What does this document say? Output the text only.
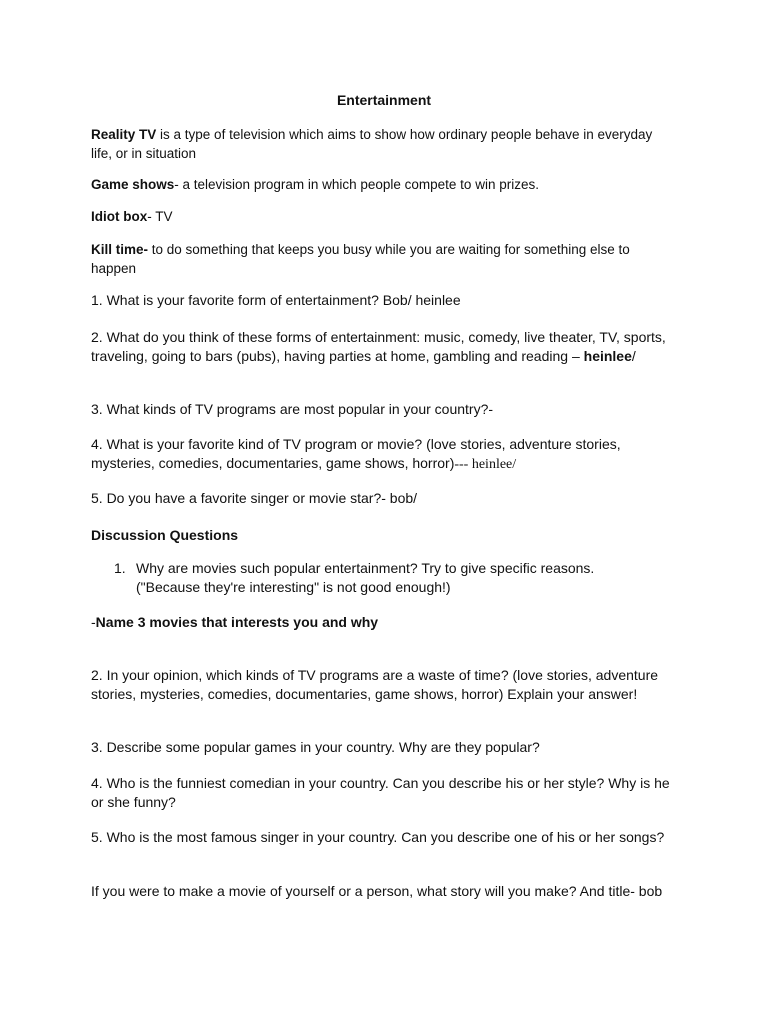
Entertainment

Reality TV is a type of television which aims to show how ordinary people behave in everyday life, or in situation

Game shows- a television program in which people compete to win prizes.

Idiot box- TV

Kill time- to do something that keeps you busy while you are waiting for something else to happen

1. What is your favorite form of entertainment? Bob/ heinlee

2. What do you think of these forms of entertainment: music, comedy, live theater, TV, sports, traveling, going to bars (pubs), having parties at home, gambling and reading – heinlee/

3. What kinds of TV programs are most popular in your country?-

4. What is your favorite kind of TV program or movie? (love stories, adventure stories, mysteries, comedies, documentaries, game shows, horror)--- heinlee/

5. Do you have a favorite singer or movie star?- bob/

Discussion Questions

1. Why are movies such popular entertainment? Try to give specific reasons. ("Because they're interesting" is not good enough!)

-Name 3 movies that interests you and why

2. In your opinion, which kinds of TV programs are a waste of time? (love stories, adventure stories, mysteries, comedies, documentaries, game shows, horror) Explain your answer!

3. Describe some popular games in your country. Why are they popular?

4. Who is the funniest comedian in your country. Can you describe his or her style? Why is he or she funny?

5. Who is the most famous singer in your country. Can you describe one of his or her songs?

If you were to make a movie of yourself or a person, what story will you make? And title- bob
